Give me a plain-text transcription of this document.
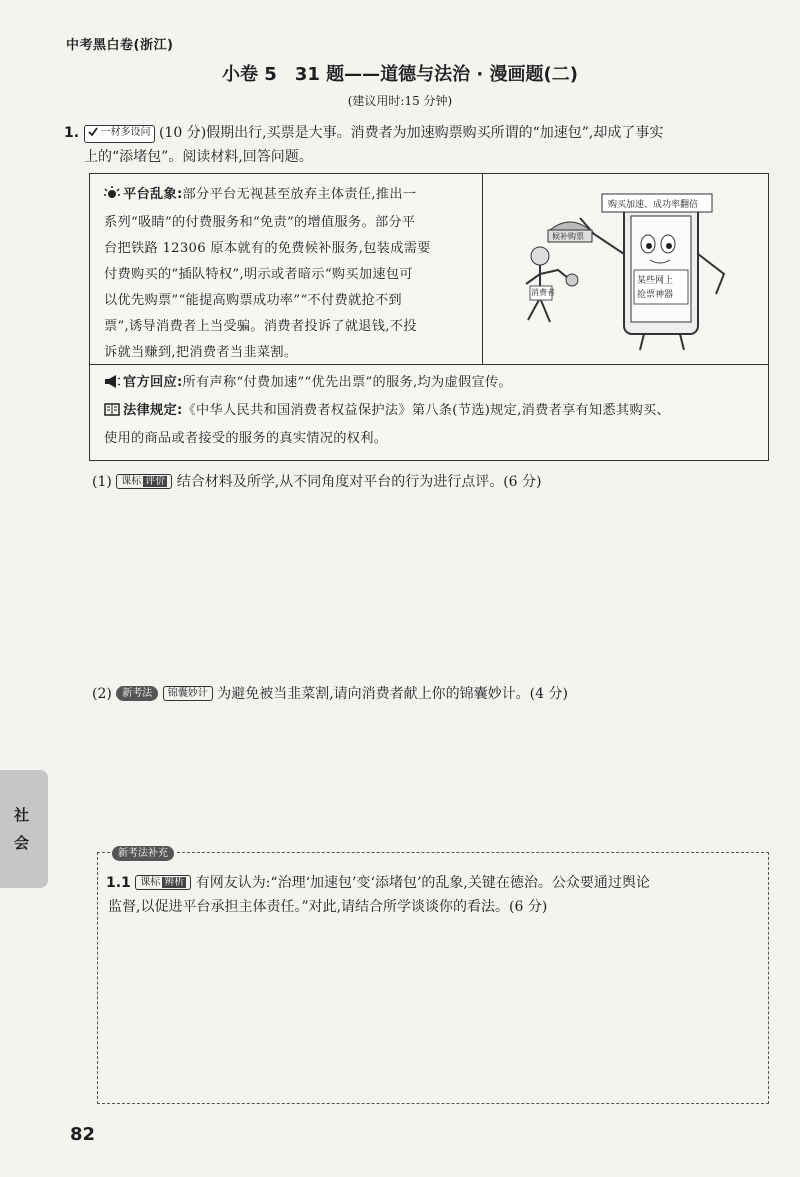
中考黑白卷(浙江)
小卷 5　31 题——道德与法治 · 漫画题(二)
(建议用时:15 分钟)
1. 一材多设问 (10 分)假期出行,买票是大事。消费者为加速购票购买所谓的“加速包”,却成了事实
上的“添堵包”。阅读材料,回答问题。
平台乱象:部分平台无视甚至放弃主体责任,推出一
系列“吸睛”的付费服务和“免责”的增值服务。部分平
台把铁路 12306 原本就有的免费候补服务,包装成需要
付费购买的“插队特权”,明示或者暗示“购买加速包可
以优先购票”“能提高购票成功率”“不付费就抢不到
票”,诱导消费者上当受骗。消费者投诉了就退钱,不投
诉就当赚到,把消费者当韭菜割。
购买加速、成功率翻倍
候补购票
某些网上
抢票神器
消费者
官方回应:所有声称“付费加速”“优先出票”的服务,均为虚假宣传。
法律规定:《中华人民共和国消费者权益保护法》第八条(节选)规定,消费者享有知悉其购买、
使用的商品或者接受的服务的真实情况的权利。
(1) 课标 评价 结合材料及所学,从不同角度对平台的行为进行点评。(6 分)
(2) 新考法 锦囊妙计 为避免被当韭菜割,请向消费者献上你的锦囊妙计。(4 分)
社
会
新考法补充
1.1 课标 辨析 有网友认为:“治理‘加速包’变‘添堵包’的乱象,关键在德治。公众要通过舆论
监督,以促进平台承担主体责任。”对此,请结合所学谈谈你的看法。(6 分)
82
